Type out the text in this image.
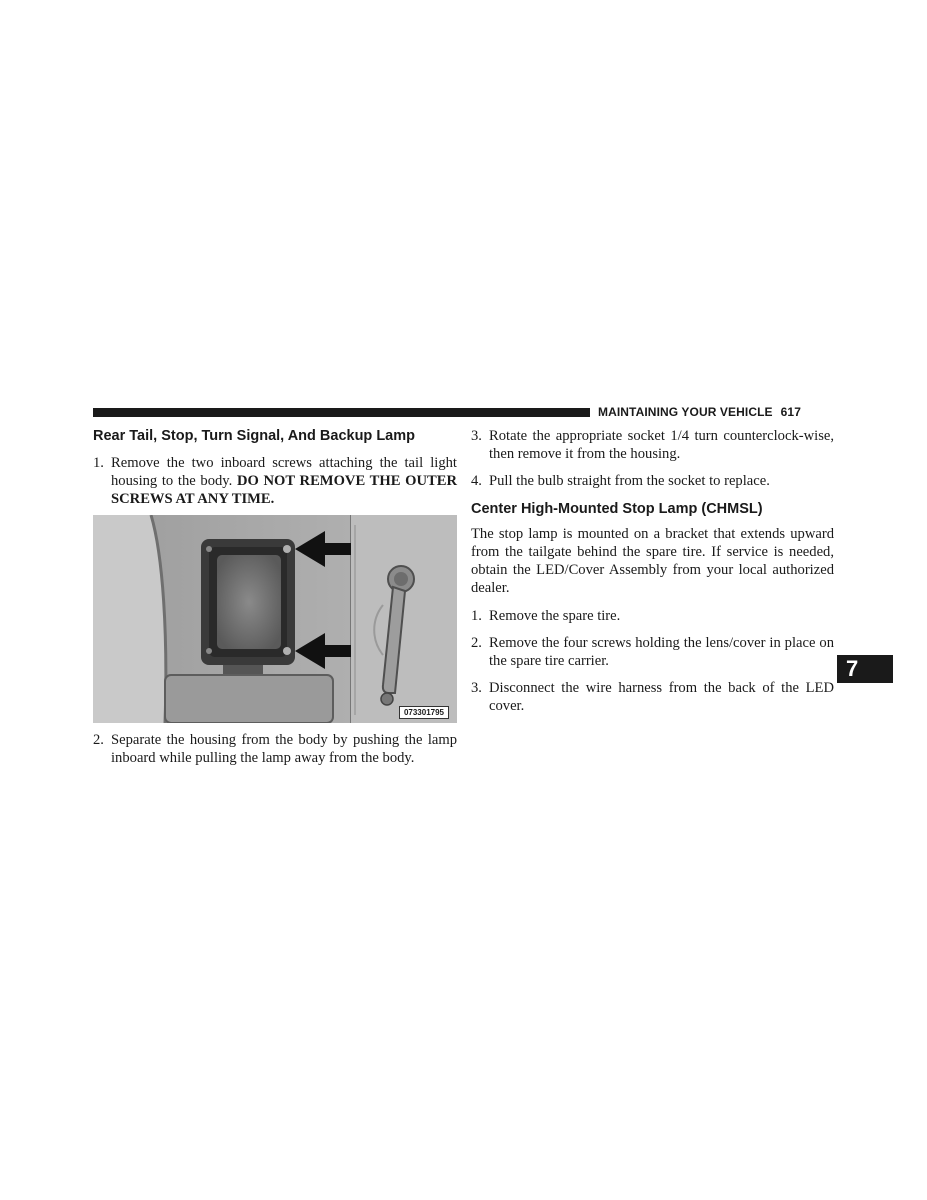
MAINTAINING YOUR VEHICLE 617
7
Rear Tail, Stop, Turn Signal, And Backup Lamp
1. Remove the two inboard screws attaching the tail light housing to the body. DO NOT REMOVE THE OUTER SCREWS AT ANY TIME.
073301795
2. Separate the housing from the body by pushing the lamp inboard while pulling the lamp away from the body.
3. Rotate the appropriate socket 1/4 turn counterclock-wise, then remove it from the housing.
4. Pull the bulb straight from the socket to replace.
Center High-Mounted Stop Lamp (CHMSL)

The stop lamp is mounted on a bracket that extends upward from the tailgate behind the spare tire. If service is needed, obtain the LED/Cover Assembly from your local authorized dealer.

1. Remove the spare tire.
2. Remove the four screws holding the lens/cover in place on the spare tire carrier.
3. Disconnect the wire harness from the back of the LED cover.
